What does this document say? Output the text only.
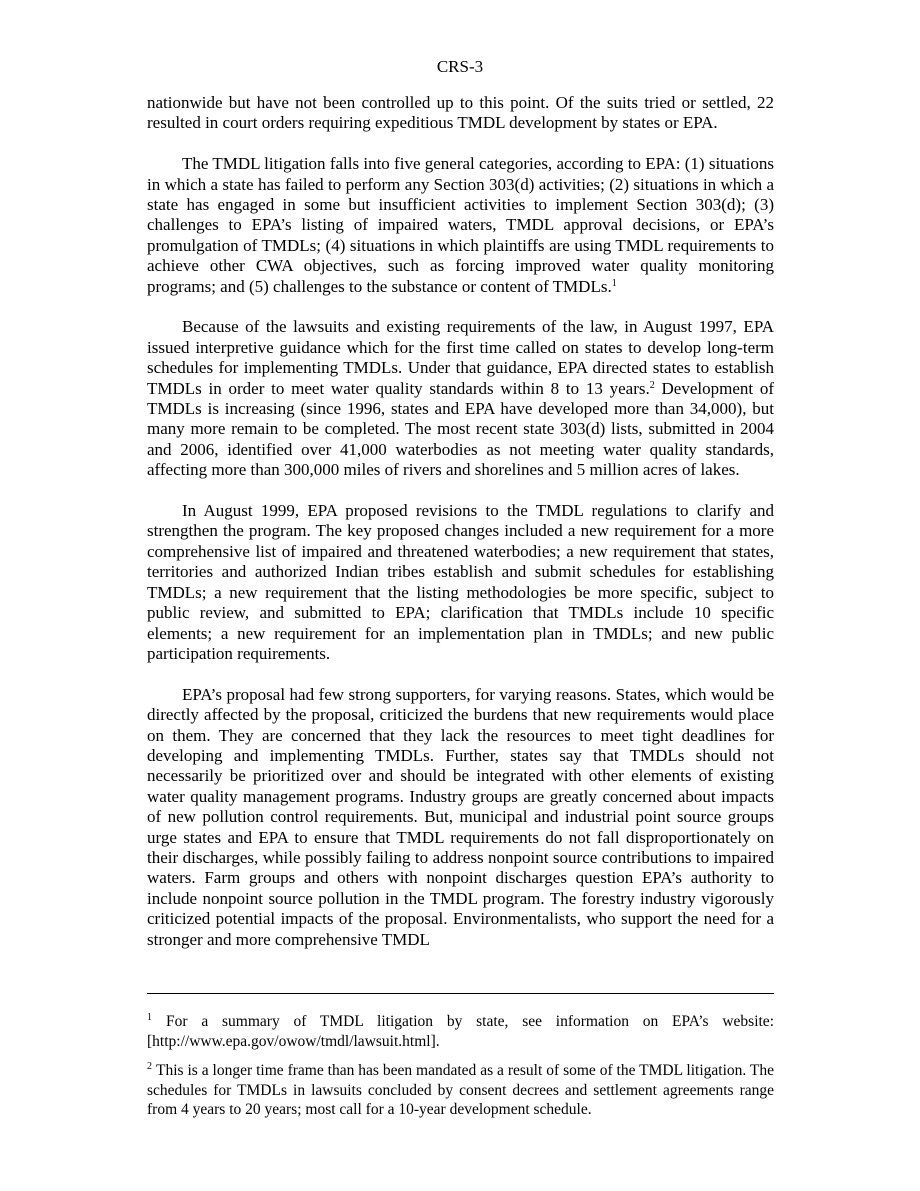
CRS-3

nationwide but have not been controlled up to this point. Of the suits tried or settled, 22 resulted in court orders requiring expeditious TMDL development by states or EPA.

The TMDL litigation falls into five general categories, according to EPA: (1) situations in which a state has failed to perform any Section 303(d) activities; (2) situations in which a state has engaged in some but insufficient activities to implement Section 303(d); (3) challenges to EPA’s listing of impaired waters, TMDL approval decisions, or EPA’s promulgation of TMDLs; (4) situations in which plaintiffs are using TMDL requirements to achieve other CWA objectives, such as forcing improved water quality monitoring programs; and (5) challenges to the substance or content of TMDLs.$^1$

Because of the lawsuits and existing requirements of the law, in August 1997, EPA issued interpretive guidance which for the first time called on states to develop long-term schedules for implementing TMDLs. Under that guidance, EPA directed states to establish TMDLs in order to meet water quality standards within 8 to 13 years.$^2$ Development of TMDLs is increasing (since 1996, states and EPA have developed more than 34,000), but many more remain to be completed. The most recent state 303(d) lists, submitted in 2004 and 2006, identified over 41,000 waterbodies as not meeting water quality standards, affecting more than 300,000 miles of rivers and shorelines and 5 million acres of lakes.

In August 1999, EPA proposed revisions to the TMDL regulations to clarify and strengthen the program. The key proposed changes included a new requirement for a more comprehensive list of impaired and threatened waterbodies; a new requirement that states, territories and authorized Indian tribes establish and submit schedules for establishing TMDLs; a new requirement that the listing methodologies be more specific, subject to public review, and submitted to EPA; clarification that TMDLs include 10 specific elements; a new requirement for an implementation plan in TMDLs; and new public participation requirements.

EPA’s proposal had few strong supporters, for varying reasons. States, which would be directly affected by the proposal, criticized the burdens that new requirements would place on them. They are concerned that they lack the resources to meet tight deadlines for developing and implementing TMDLs. Further, states say that TMDLs should not necessarily be prioritized over and should be integrated with other elements of existing water quality management programs. Industry groups are greatly concerned about impacts of new pollution control requirements. But, municipal and industrial point source groups urge states and EPA to ensure that TMDL requirements do not fall disproportionately on their discharges, while possibly failing to address nonpoint source contributions to impaired waters. Farm groups and others with nonpoint discharges question EPA’s authority to include nonpoint source pollution in the TMDL program. The forestry industry vigorously criticized potential impacts of the proposal. Environmentalists, who support the need for a stronger and more comprehensive TMDL

$^1$ For a summary of TMDL litigation by state, see information on EPA’s website: [http://www.epa.gov/owow/tmdl/lawsuit.html].

$^2$ This is a longer time frame than has been mandated as a result of some of the TMDL litigation. The schedules for TMDLs in lawsuits concluded by consent decrees and settlement agreements range from 4 years to 20 years; most call for a 10-year development schedule.
